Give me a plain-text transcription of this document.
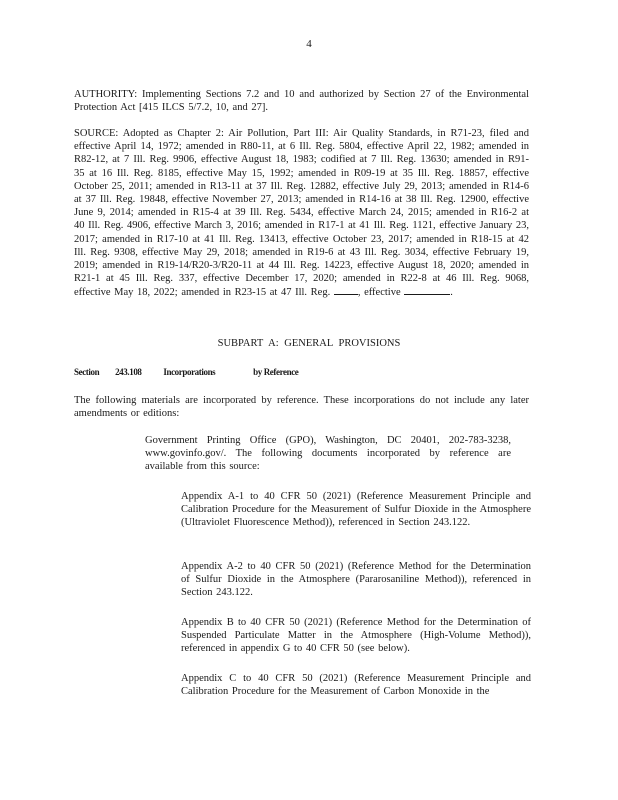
4
AUTHORITY: Implementing Sections 7.2 and 10 and authorized by Section 27 of the Environmental Protection Act [415 ILCS 5/7.2, 10, and 27].
SOURCE: Adopted as Chapter 2: Air Pollution, Part III: Air Quality Standards, in R71-23, filed and effective April 14, 1972; amended in R80-11, at 6 Ill. Reg. 5804, effective April 22, 1982; amended in R82-12, at 7 Ill. Reg. 9906, effective August 18, 1983; codified at 7 Ill. Reg. 13630; amended in R91-35 at 16 Ill. Reg. 8185, effective May 15, 1992; amended in R09-19 at 35 Ill. Reg. 18857, effective October 25, 2011; amended in R13-11 at 37 Ill. Reg. 12882, effective July 29, 2013; amended in R14-6 at 37 Ill. Reg. 19848, effective November 27, 2013; amended in R14-16 at 38 Ill. Reg. 12900, effective June 9, 2014; amended in R15-4 at 39 Ill. Reg. 5434, effective March 24, 2015; amended in R16-2 at 40 Ill. Reg. 4906, effective March 3, 2016; amended in R17-1 at 41 Ill. Reg. 1121, effective January 23, 2017; amended in R17-10 at 41 Ill. Reg. 13413, effective October 23, 2017; amended in R18-15 at 42 Ill. Reg. 9308, effective May 29, 2018; amended in R19-6 at 43 Ill. Reg. 3034, effective February 19, 2019; amended in R19-14/R20-3/R20-11 at 44 Ill. Reg. 14223, effective August 18, 2020; amended in R21-1 at 45 Ill. Reg. 337, effective December 17, 2020; amended in R22-8 at 46 Ill. Reg. 9068, effective May 18, 2022; amended in R23-15 at 47 Ill. Reg.	, effective	.
SUBPART A: GENERAL PROVISIONS
Section 243.108 Incorporations	by Reference
The following materials are incorporated by reference. These incorporations do not include any later amendments or editions:
Government Printing Office (GPO), Washington, DC 20401, 202-783-3238, www.govinfo.gov/. The following documents incorporated by reference are available from this source:
Appendix A-1 to 40 CFR 50 (2021) (Reference Measurement Principle and Calibration Procedure for the Measurement of Sulfur Dioxide in the Atmosphere (Ultraviolet Fluorescence Method)), referenced in Section 243.122.
Appendix A-2 to 40 CFR 50 (2021) (Reference Method for the Determination of Sulfur Dioxide in the Atmosphere (Pararosaniline Method)), referenced in Section 243.122.
Appendix B to 40 CFR 50 (2021) (Reference Method for the Determination of Suspended Particulate Matter in the Atmosphere (High-Volume Method)), referenced in appendix G to 40 CFR 50 (see below).
Appendix C to 40 CFR 50 (2021) (Reference Measurement Principle and Calibration Procedure for the Measurement of Carbon Monoxide in the
